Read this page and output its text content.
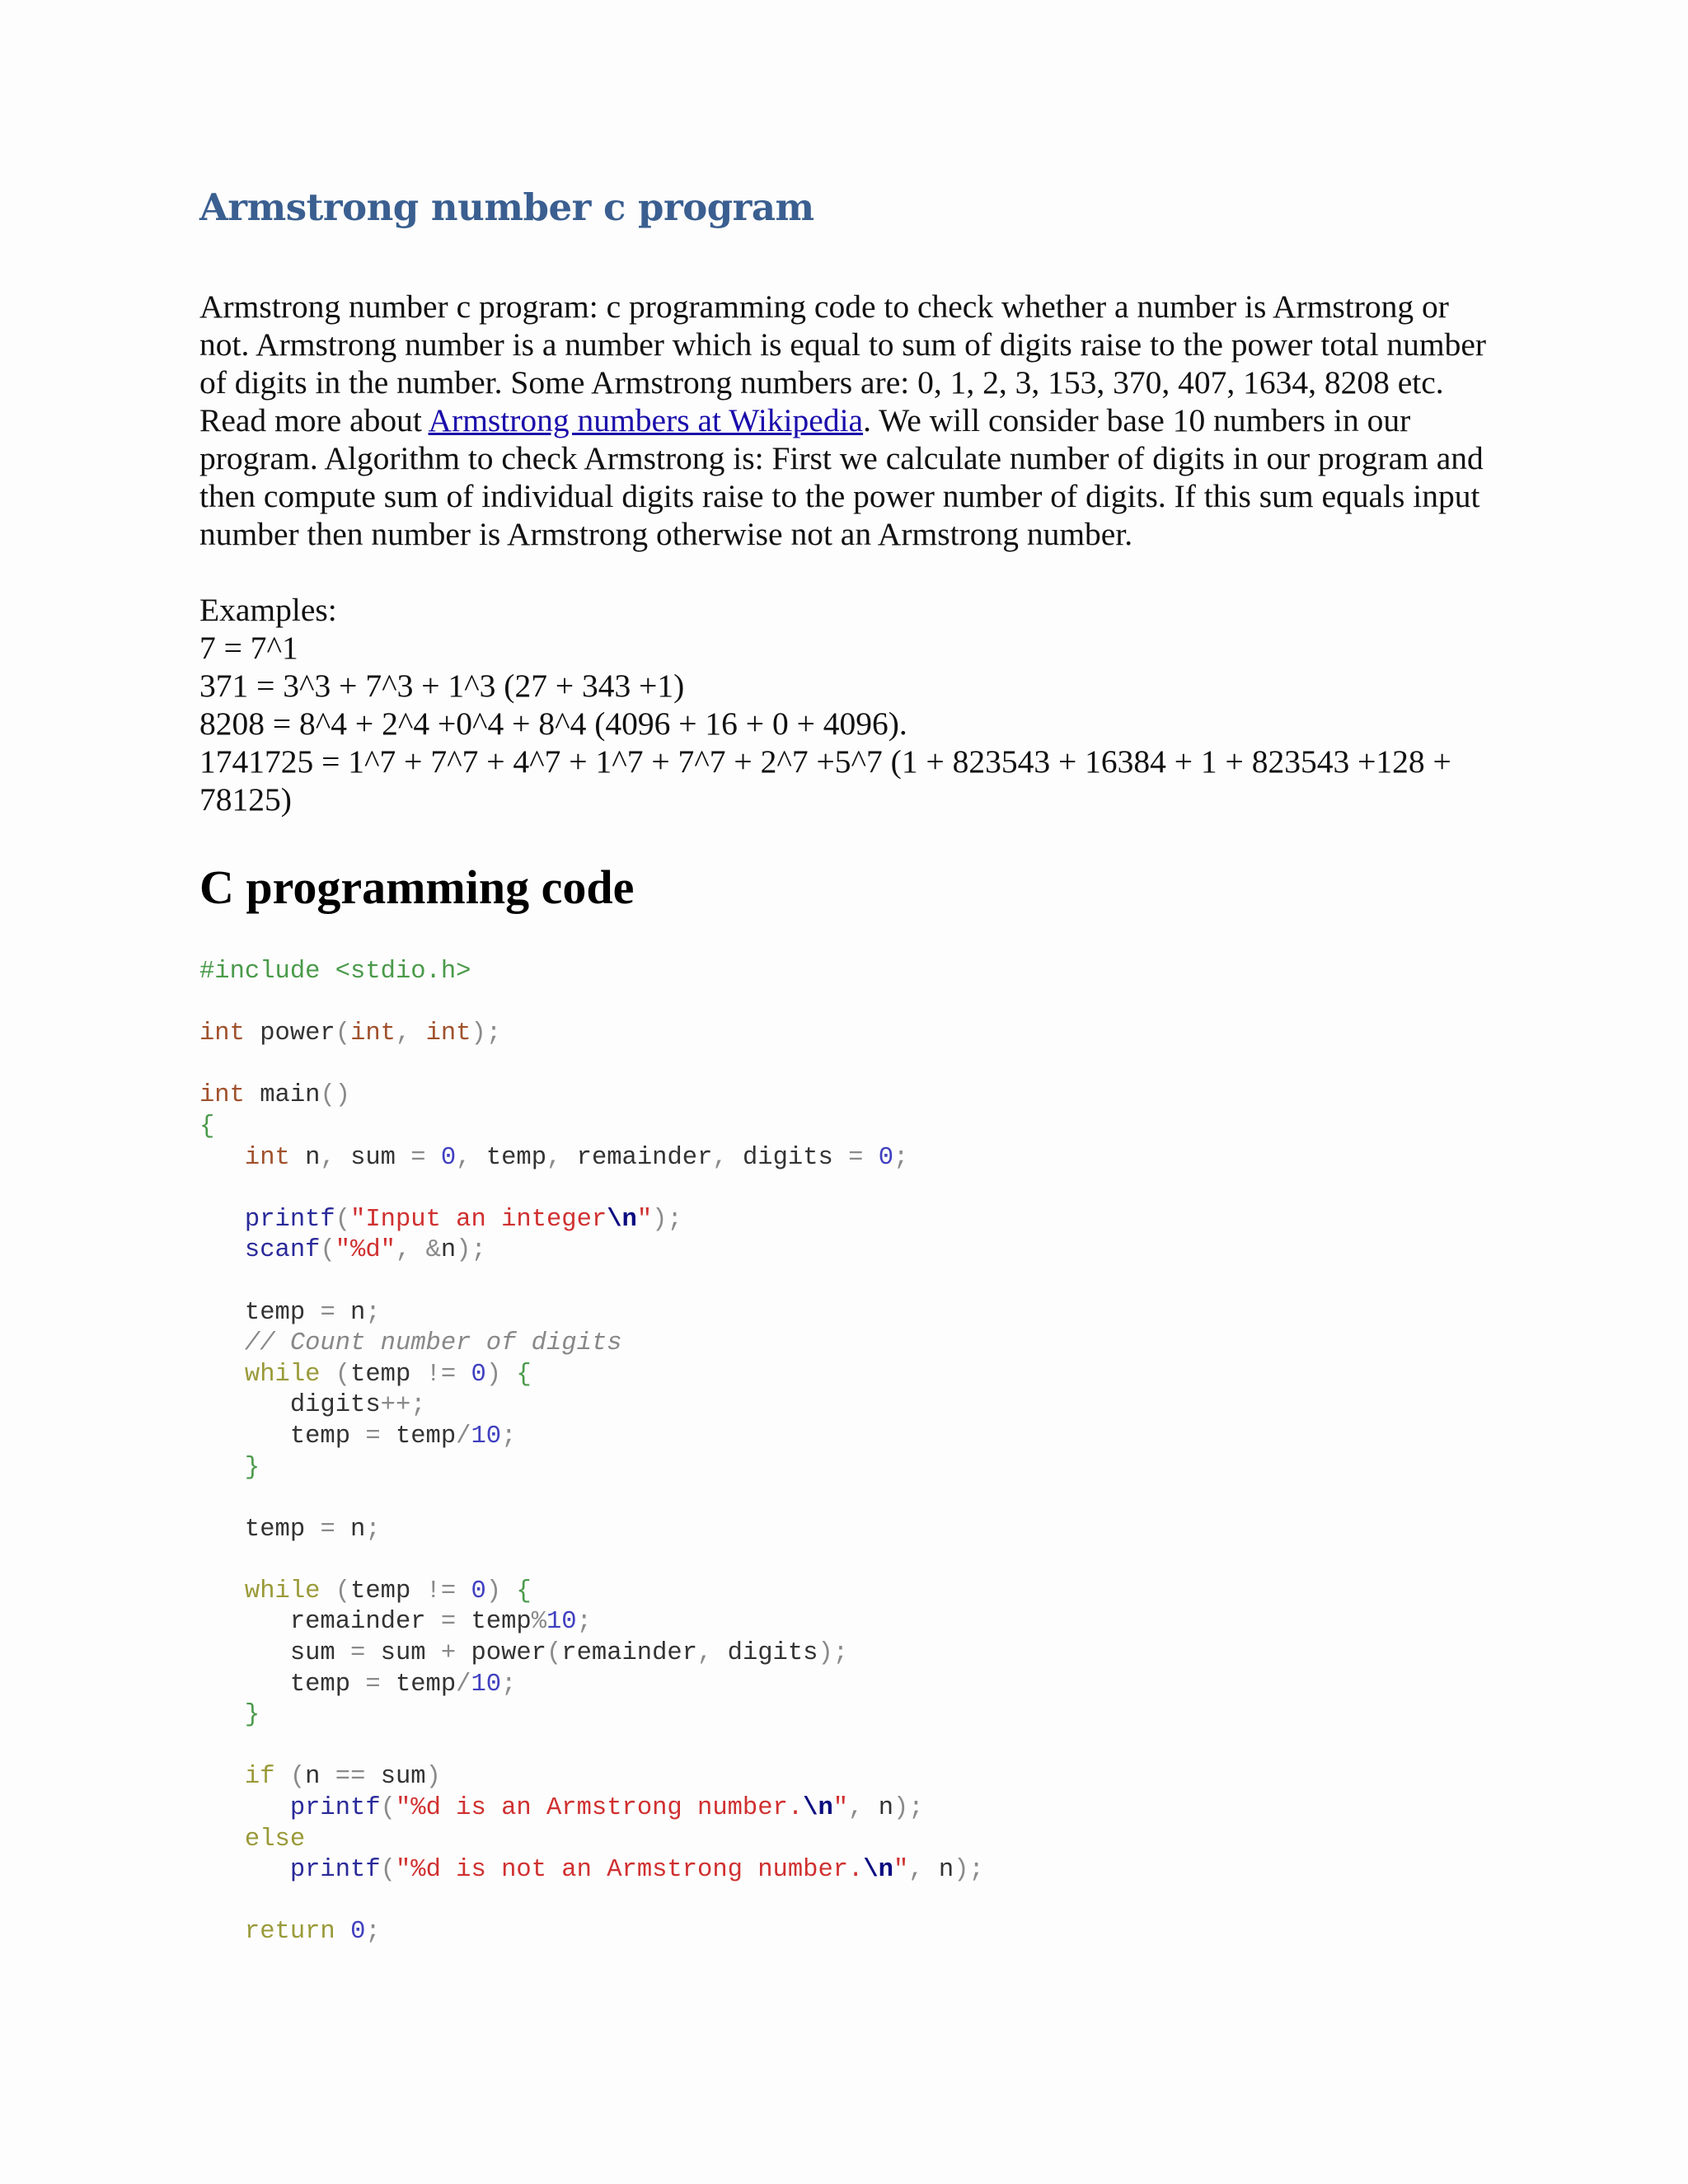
Armstrong number c program

Armstrong number c program: c programming code to check whether a number is Armstrong or not. Armstrong number is a number which is equal to sum of digits raise to the power total number of digits in the number. Some Armstrong numbers are: 0, 1, 2, 3, 153, 370, 407, 1634, 8208 etc. Read more about Armstrong numbers at Wikipedia. We will consider base 10 numbers in our program. Algorithm to check Armstrong is: First we calculate number of digits in our program and then compute sum of individual digits raise to the power number of digits. If this sum equals input number then number is Armstrong otherwise not an Armstrong number.

Examples:
7 = 7^1
371 = 3^3 + 7^3 + 1^3 (27 + 343 +1)
8208 = 8^4 + 2^4 +0^4 + 8^4 (4096 + 16 + 0 + 4096).
1741725 = 1^7 + 7^7 + 4^7 + 1^7 + 7^7 + 2^7 +5^7 (1 + 823543 + 16384 + 1 + 823543 +128 + 78125)
C programming code
#include <stdio.h>

int power(int, int);

int main()
{
int n, sum = 0, temp, remainder, digits = 0;

printf("Input an integer\n");
scanf("%d", &n);

temp = n;
// Count number of digits
while (temp != 0) {
digits++;
temp = temp/10;
}

temp = n;

while (temp != 0) {
remainder = temp%10;
sum = sum + power(remainder, digits);
temp = temp/10;
}

if (n == sum)
printf("%d is an Armstrong number.\n", n);
else
printf("%d is not an Armstrong number.\n", n);

return 0;
